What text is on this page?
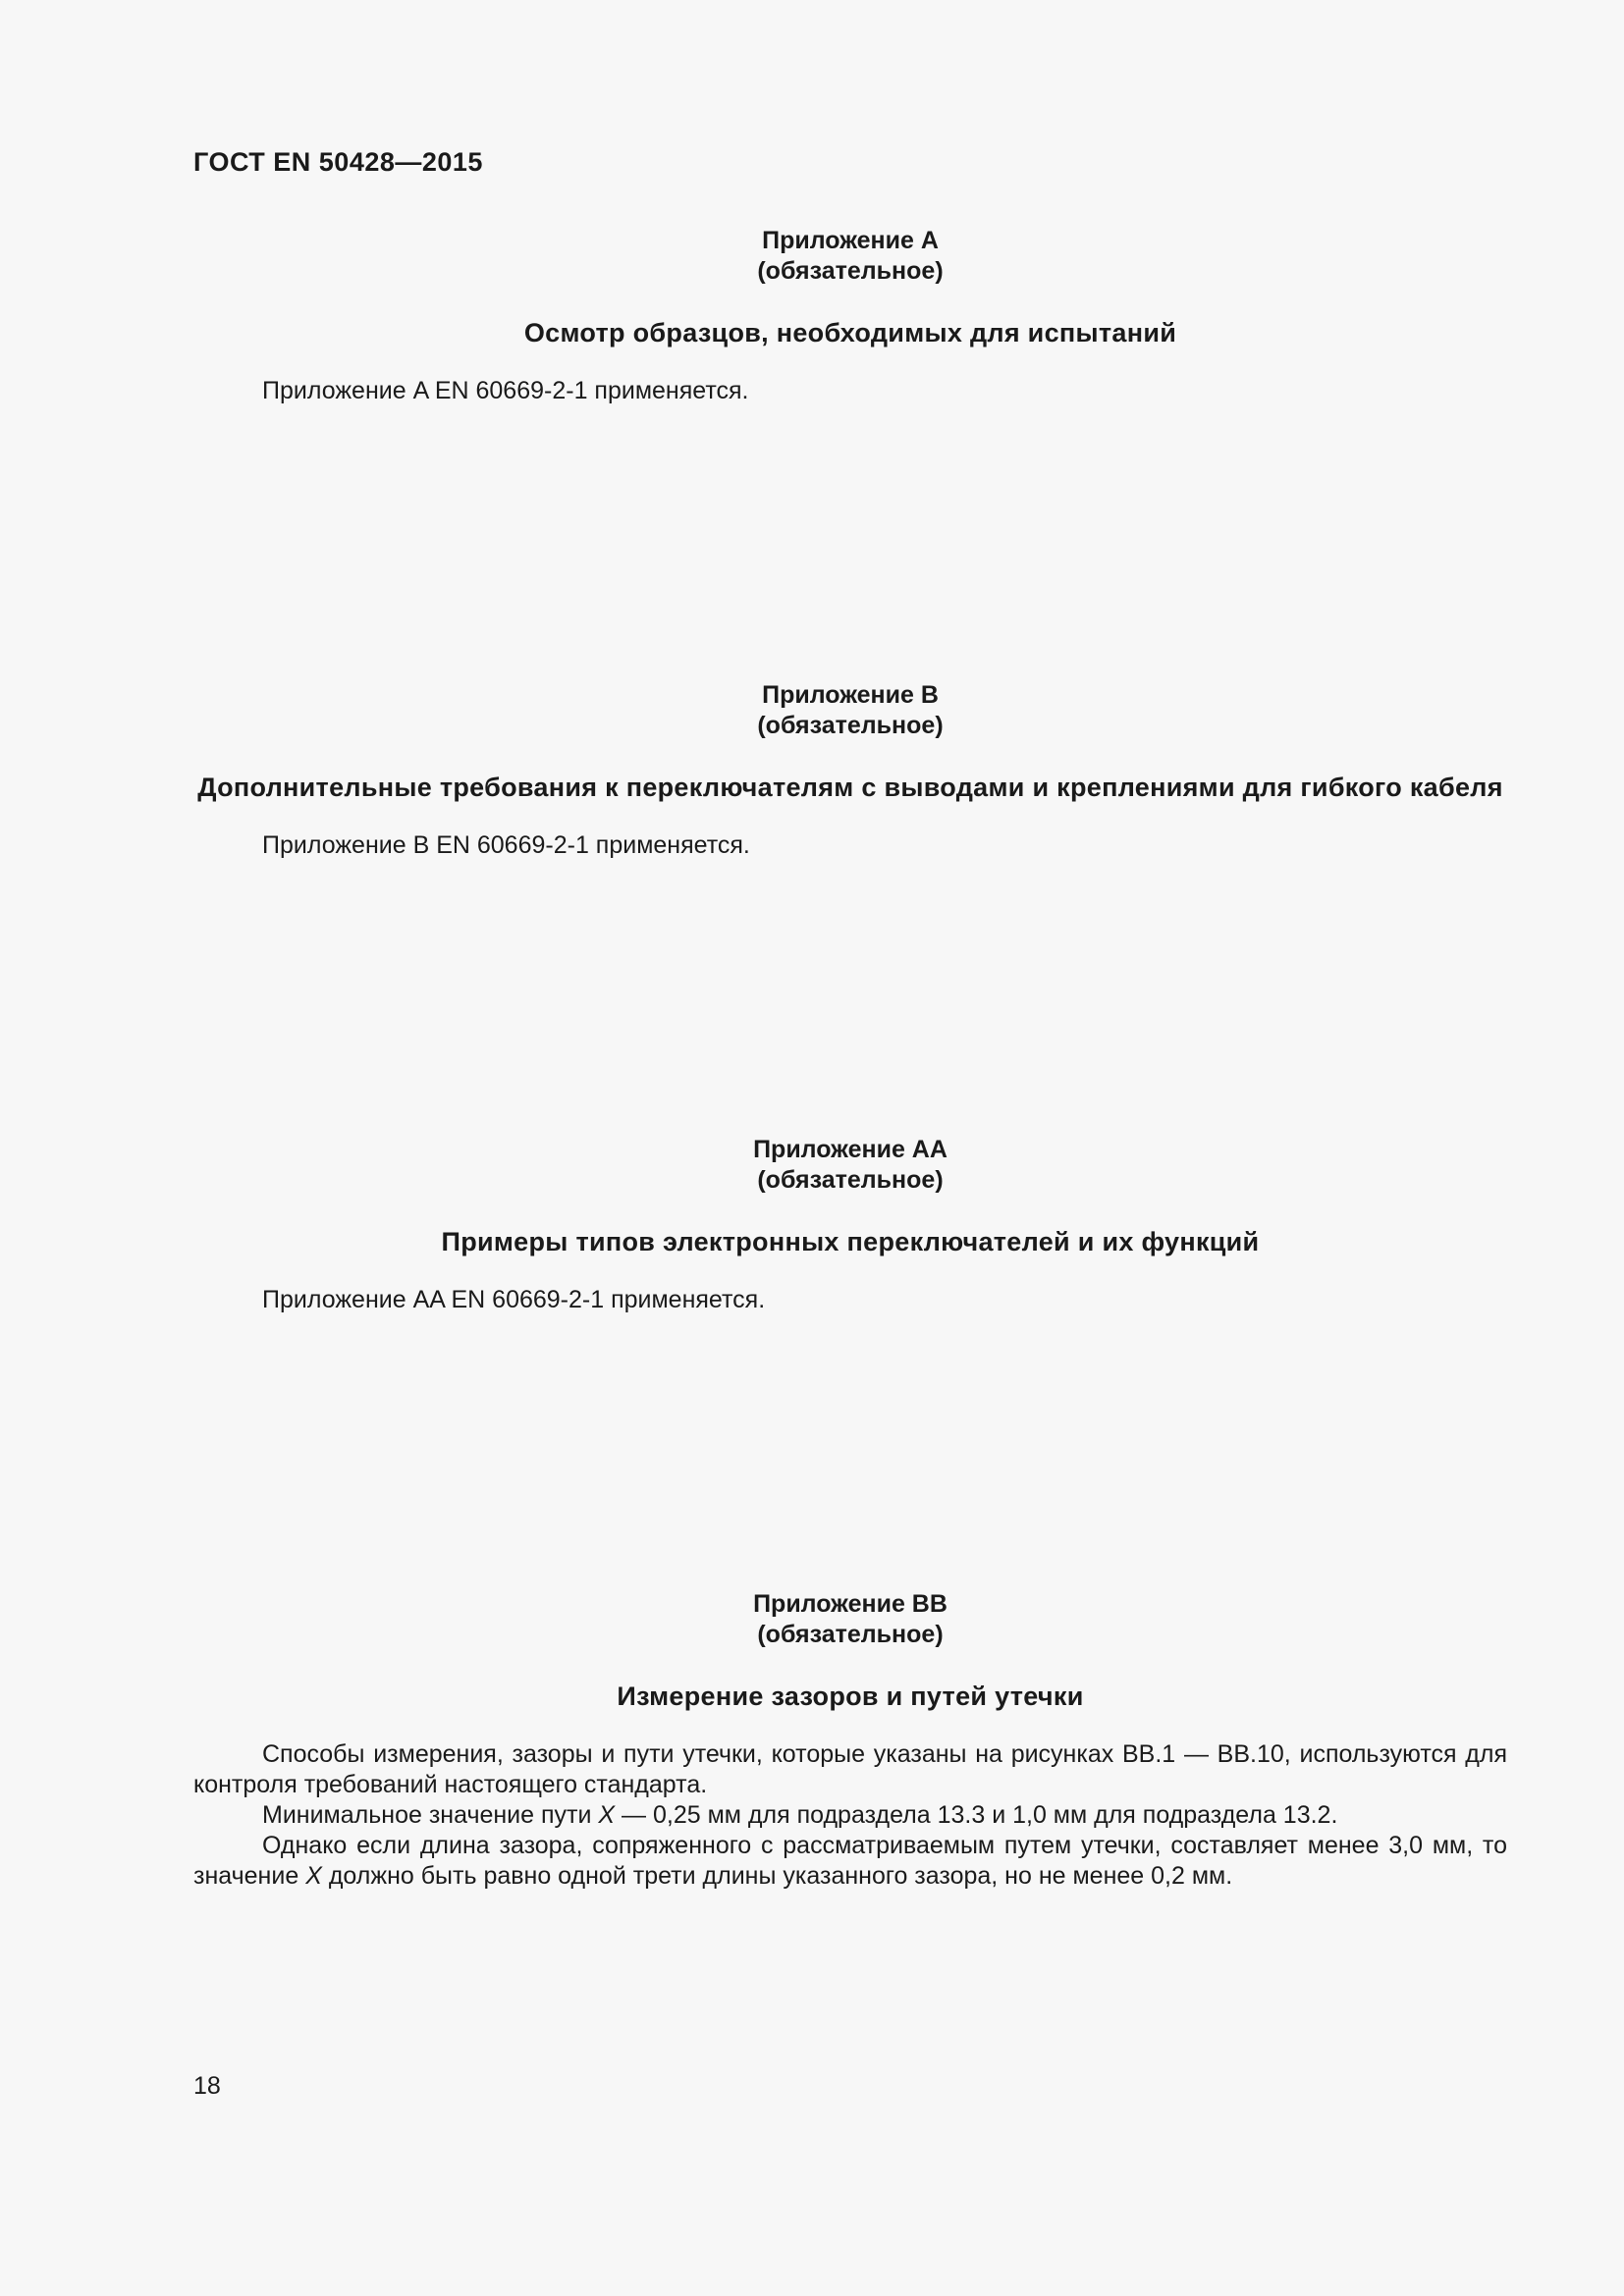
ГОСТ EN 50428—2015
Приложение A
(обязательное)
Осмотр образцов, необходимых для испытаний

Приложение A EN 60669-2-1 применяется.

Приложение B
(обязательное)
Дополнительные требования к переключателям с выводами и креплениями для гибкого кабеля

Приложение B EN 60669-2-1 применяется.

Приложение AA
(обязательное)
Примеры типов электронных переключателей и их функций

Приложение AA EN 60669-2-1 применяется.

Приложение BB
(обязательное)
Измерение зазоров и путей утечки

Способы измерения, зазоры и пути утечки, которые указаны на рисунках BB.1 — BB.10, используются для контроля требований настоящего стандарта.

Минимальное значение пути X — 0,25 мм для подраздела 13.3 и 1,0 мм для подраздела 13.2.

Однако если длина зазора, сопряженного с рассматриваемым путем утечки, составляет менее 3,0 мм, то значение X должно быть равно одной трети длины указанного зазора, но не менее 0,2 мм.

18
